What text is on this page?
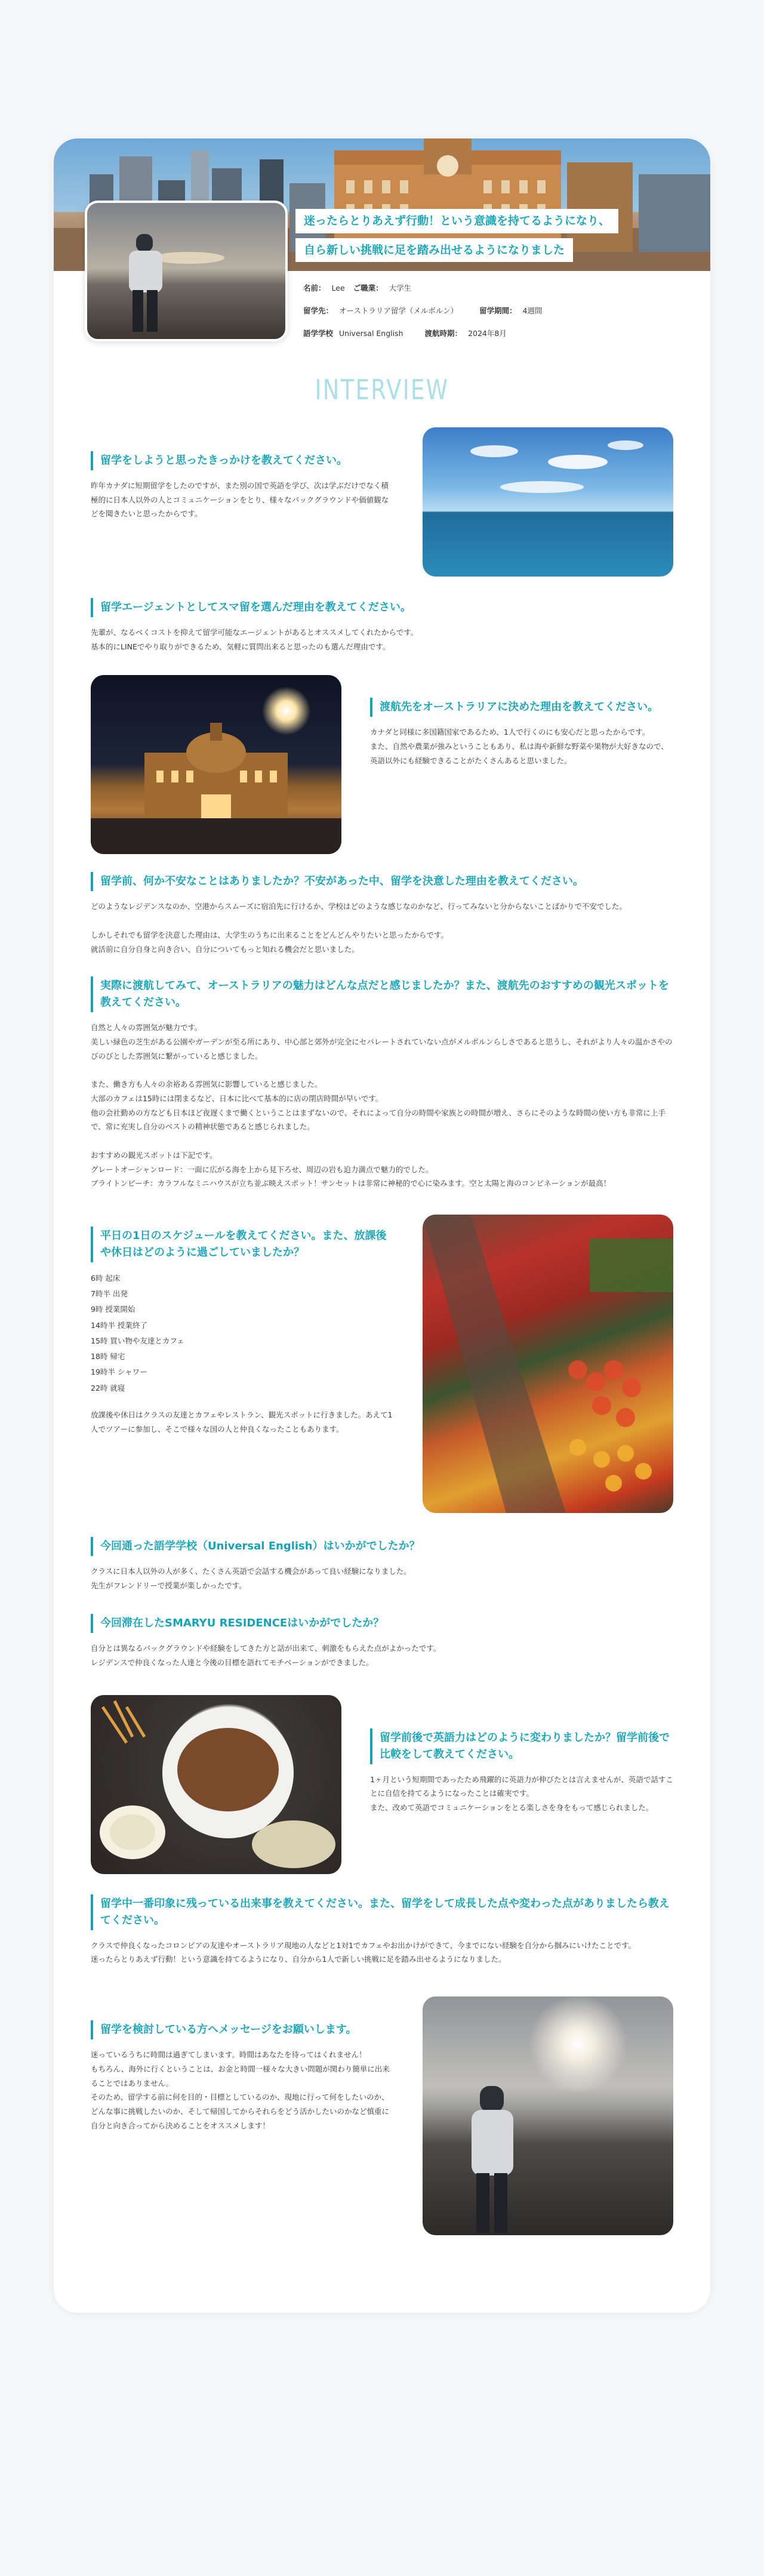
迷ったらとりあえず行動！という意識を持てるようになり、
自ら新しい挑戦に足を踏み出せるようになりました
名前： Lee ご職業： 大学生
留学先： オーストラリア留学（メルボルン）	留学期間： 4週間
語学学校 Universal English	渡航時期： 2024年8月
INTERVIEW
留学をしようと思ったきっかけを教えてください。

昨年カナダに短期留学をしたのですが、また別の国で英語を学び、次は学ぶだけでなく積極的に日本人以外の人とコミュニケーションをとり、様々なバックグラウンドや価値観などを聞きたいと思ったからです。

留学エージェントとしてスマ留を選んだ理由を教えてください。

先輩が、なるべくコストを抑えて留学可能なエージェントがあるとオススメしてくれたからです。
基本的にLINEでやり取りができるため、気軽に質問出来ると思ったのも選んだ理由です。

渡航先をオーストラリアに決めた理由を教えてください。

カナダと同様に多国籍国家であるため、1人で行くのにも安心だと思ったからです。
また、自然や農業が強みということもあり、私は海や新鮮な野菜や果物が大好きなので、英語以外にも経験できることがたくさんあると思いました。

留学前、何か不安なことはありましたか？不安があった中、留学を決意した理由を教えてください。

どのようなレジデンスなのか、空港からスムーズに宿泊先に行けるか、学校はどのような感じなのかなど、行ってみないと分からないことばかりで不安でした。

しかしそれでも留学を決意した理由は、大学生のうちに出来ることをどんどんやりたいと思ったからです。
就活前に自分自身と向き合い、自分についてもっと知れる機会だと思いました。

実際に渡航してみて、オーストラリアの魅力はどんな点だと感じましたか？また、渡航先のおすすめの観光スポットを教えてください。

自然と人々の雰囲気が魅力です。
美しい緑色の芝生がある公園やガーデンが至る所にあり、中心部と郊外が完全にセパレートされていない点がメルボルンらしさであると思うし、それがより人々の温かさやのびのびとした雰囲気に繋がっていると感じました。

また、働き方も人々の余裕ある雰囲気に影響していると感じました。
大部のカフェは15時には閉まるなど、日本に比べて基本的に店の閉店時間が早いです。
他の会社勤めの方なども日本ほど夜遅くまで働くということはまずないので、それによって自分の時間や家族との時間が増え、さらにそのような時間の使い方も非常に上手で、常に充実し自分のベストの精神状態であると感じられました。

おすすめの観光スポットは下記です。
グレートオーシャンロード：一面に広がる海を上から見下ろせ、周辺の岩も迫力満点で魅力的でした。
ブライトンビーチ：カラフルなミニハウスが立ち並ぶ映えスポット！サンセットは非常に神秘的で心に染みます。空と太陽と海のコンビネーションが最高！

平日の1日のスケジュールを教えてください。また、放課後や休日はどのように過ごしていましたか？
6時 起床
7時半 出発
9時 授業開始
14時半 授業終了
15時 買い物や友達とカフェ
18時 帰宅
19時半 シャワー
22時 就寝

放課後や休日はクラスの友達とカフェやレストラン、観光スポットに行きました。あえて1人でツアーに参加し、そこで様々な国の人と仲良くなったこともあります。

今回通った語学学校（Universal English）はいかがでしたか？

クラスに日本人以外の人が多く、たくさん英語で会話する機会があって良い経験になりました。
先生がフレンドリーで授業が楽しかったです。

今回滞在したSMARYU RESIDENCEはいかがでしたか？

自分とは異なるバックグラウンドや経験をしてきた方と話が出来て、刺激をもらえた点がよかったです。
レジデンスで仲良くなった人達と今後の目標を語れてモチベーションができました。

留学前後で英語力はどのように変わりましたか？留学前後で比較をして教えてください。

1ヶ月という短期間であったため飛躍的に英語力が伸びたとは言えませんが、英語で話すことに自信を持てるようになったことは確実です。
また、改めて英語でコミュニケーションをとる楽しさを身をもって感じられました。

留学中一番印象に残っている出来事を教えてください。また、留学をして成長した点や変わった点がありましたら教えてください。

クラスで仲良くなったコロンビアの友達やオーストラリア現地の人などと1対1でカフェやお出かけができて、今までにない経験を自分から掴みにいけたことです。
迷ったらとりあえず行動！という意識を持てるようになり、自分から1人で新しい挑戦に足を踏み出せるようになりました。

留学を検討している方へメッセージをお願いします。

迷っているうちに時間は過ぎてしまいます。時間はあなたを待ってはくれません！
もちろん、海外に行くということは、お金と時間一様々な大きい問題が関わり簡単に出来ることではありません。
そのため、留学する前に何を目的・目標としているのか、現地に行って何をしたいのか、どんな事に挑戦したいのか、そして帰国してからそれらをどう活かしたいのかなど慎重に自分と向き合ってから決めることをオススメします！
